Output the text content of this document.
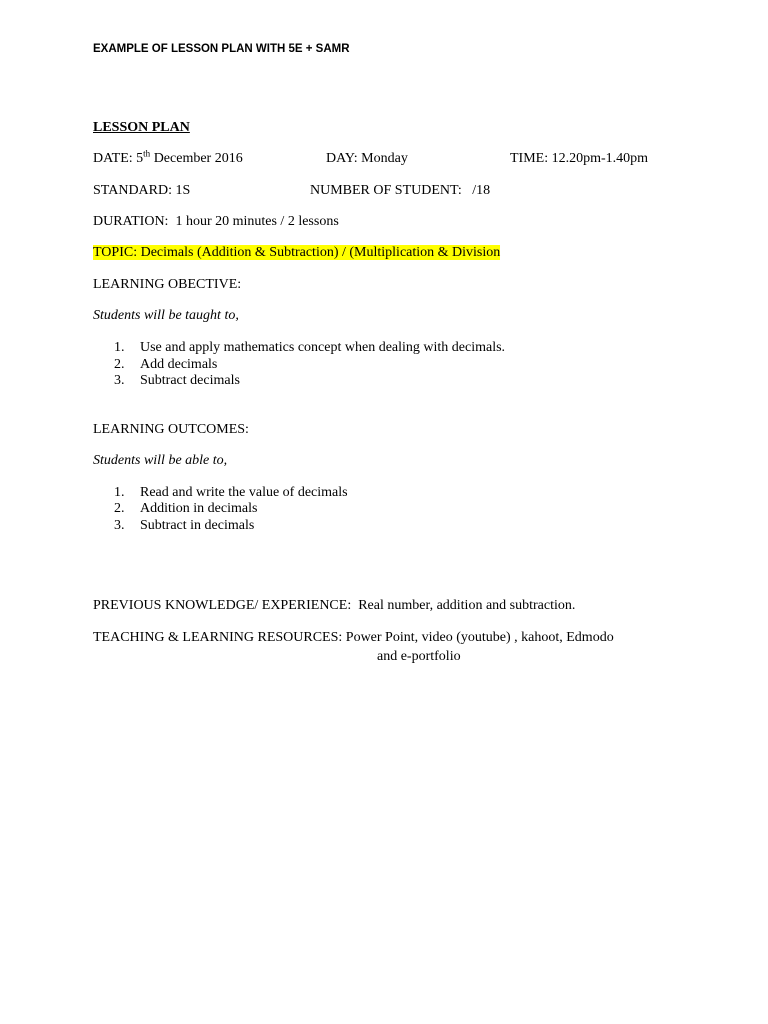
EXAMPLE OF LESSON PLAN WITH 5E + SAMR
LESSON PLAN
DATE: 5th December 2016	DAY: Monday	TIME: 12.20pm-1.40pm
STANDARD: 1S	NUMBER OF STUDENT:   /18
DURATION:  1 hour 20 minutes / 2 lessons
TOPIC: Decimals (Addition & Subtraction) / (Multiplication & Division
LEARNING OBECTIVE:
Students will be taught to,
1. Use and apply mathematics concept when dealing with decimals.
2. Add decimals
3. Subtract decimals
LEARNING OUTCOMES:
Students will be able to,
1. Read and write the value of decimals
2. Addition in decimals
3. Subtract in decimals
PREVIOUS KNOWLEDGE/ EXPERIENCE:  Real number, addition and subtraction.
TEACHING & LEARNING RESOURCES: Power Point, video (youtube) , kahoot, Edmodo
and e-portfolio
